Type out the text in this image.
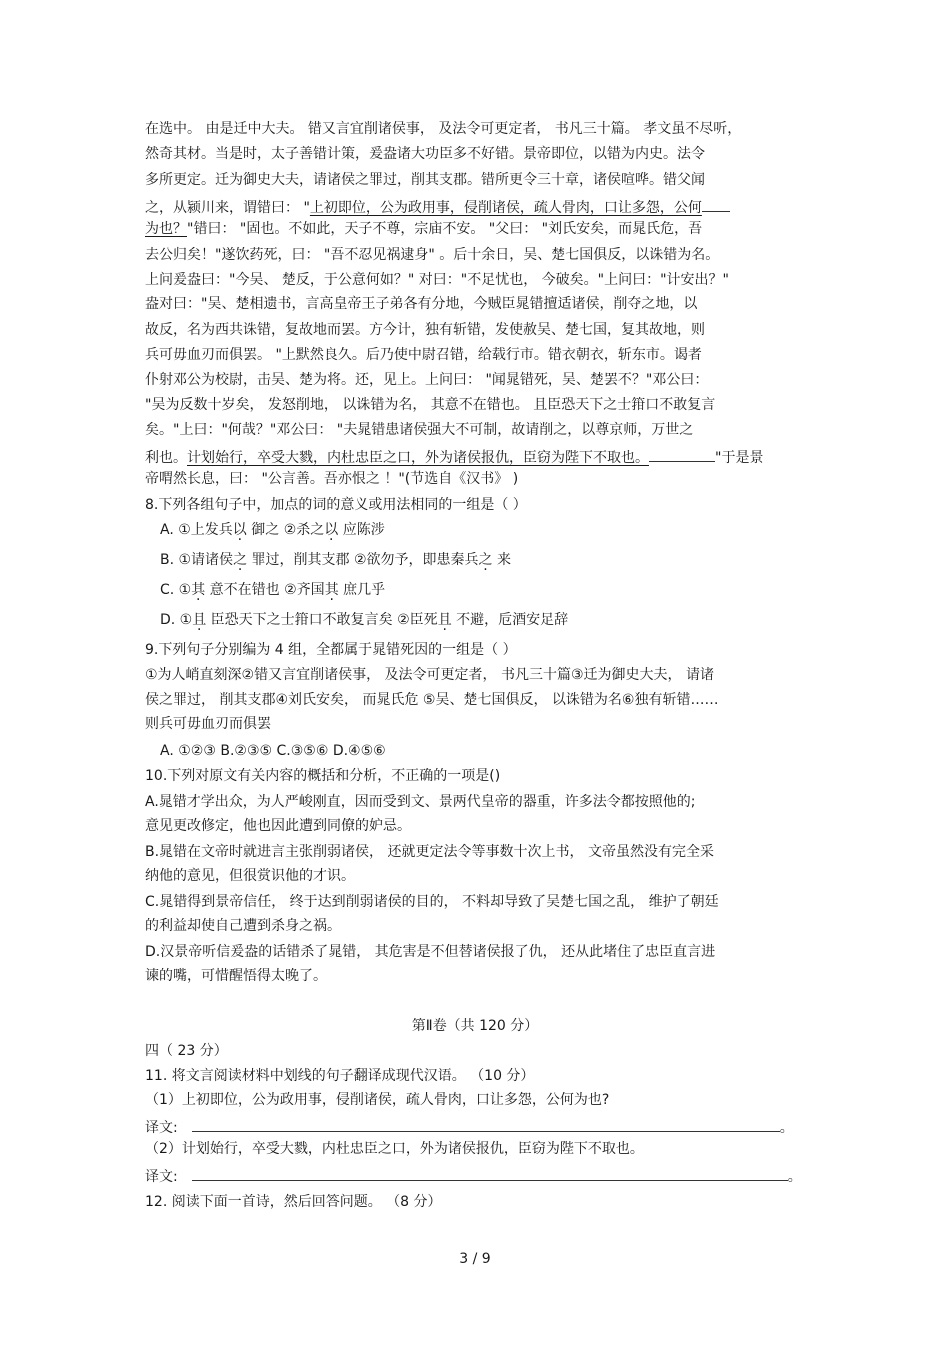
在选中。 由是迁中大夫。 错又言宜削诸侯事， 及法令可更定者， 书凡三十篇。 孝文虽不尽听，
然奇其材。当是时，太子善错计策，爰盎诸大功臣多不好错。景帝即位，以错为内史。法令
多所更定。迁为御史大夫，请诸侯之罪过，削其支郡。错所更令三十章，诸侯喧哗。错父闻
之，从颍川来，谓错曰： "上初即位，公为政用事，侵削诸侯，疏人骨肉，口让多怨，公何
为也？"错曰： "固也。不如此，天子不尊，宗庙不安。 "父曰： "刘氏安矣，而晁氏危，吾
去公归矣！"遂饮药死，曰： "吾不忍见祸逮身" 。后十余日，吴、楚七国俱反，以诛错为名。
上问爰盎曰："今吴、 楚反，于公意何如？" 对曰："不足忧也， 今破矣。"上问曰："计安出？"
盎对曰："吴、楚相遗书，言高皇帝王子弟各有分地，今贼臣晁错擅适诸侯，削夺之地，以
故反，名为西共诛错，复故地而罢。方今计，独有斩错，发使赦吴、楚七国，复其故地，则
兵可毋血刃而俱罢。 "上默然良久。后乃使中尉召错，给载行市。错衣朝衣，斩东市。谒者
仆射邓公为校尉，击吴、楚为将。还，见上。上问曰： "闻晁错死，吴、楚罢不？"邓公曰：
"吴为反数十岁矣， 发怒削地， 以诛错为名， 其意不在错也。 且臣恐天下之士箝口不敢复言
矣。"上曰："何哉？"邓公曰： "夫晁错患诸侯强大不可制，故请削之，以尊京师，万世之
利也。计划始行，卒受大戮，内杜忠臣之口，外为诸侯报仇，臣窃为陛下不取也。	"于是景
帝喟然长息，曰： "公言善。吾亦恨之 ！"(节选自《汉书》 )
8.下列各组句子中，加点的词的意义或用法相同的一组是（ ）
A. ①上发兵以 御之 ②杀之以 应陈涉
B. ①请诸侯之 罪过，削其支郡 ②欲勿予，即患秦兵之 来
C. ①其 意不在错也 ②齐国其 庶几乎
D. ①且 臣恐天下之士箝口不敢复言矣 ②臣死且 不避，卮酒安足辞
9.下列句子分别编为 4 组，全都属于晁错死因的一组是（ ）
①为人峭直刻深②错又言宜削诸侯事， 及法令可更定者， 书凡三十篇③迁为御史大夫， 请诸
侯之罪过， 削其支郡④刘氏安矣， 而晁氏危 ⑤吴、楚七国俱反， 以诛错为名⑥独有斩错……
则兵可毋血刃而俱罢
A. ①②③ B.②③⑤ C.③⑤⑥ D.④⑤⑥
10.下列对原文有关内容的概括和分析，不正确的一项是()
A.晁错才学出众，为人严峻刚直，因而受到文、景两代皇帝的器重，许多法令都按照他的;
意见更改修定，他也因此遭到同僚的妒忌。
B.晁错在文帝时就进言主张削弱诸侯， 还就更定法令等事数十次上书， 文帝虽然没有完全采
纳他的意见，但很赏识他的才识。
C.晁错得到景帝信任， 终于达到削弱诸侯的目的， 不料却导致了吴楚七国之乱， 维护了朝廷
的利益却使自己遭到杀身之祸。
D.汉景帝听信爰盎的话错杀了晁错， 其危害是不但替诸侯报了仇， 还从此堵住了忠臣直言进
谏的嘴，可惜醒悟得太晚了。
第Ⅱ卷（共 120 分）
四（ 23 分）
11. 将文言阅读材料中划线的句子翻译成现代汉语。 （10 分）
（1）上初即位，公为政用事，侵削诸侯，疏人骨肉，口让多怨，公何为也?
译文:	。
（2）计划始行，卒受大戮，内杜忠臣之口，外为诸侯报仇，臣窃为陛下不取也。
译文:	。
12. 阅读下面一首诗，然后回答问题。 （8 分）
3 / 9
